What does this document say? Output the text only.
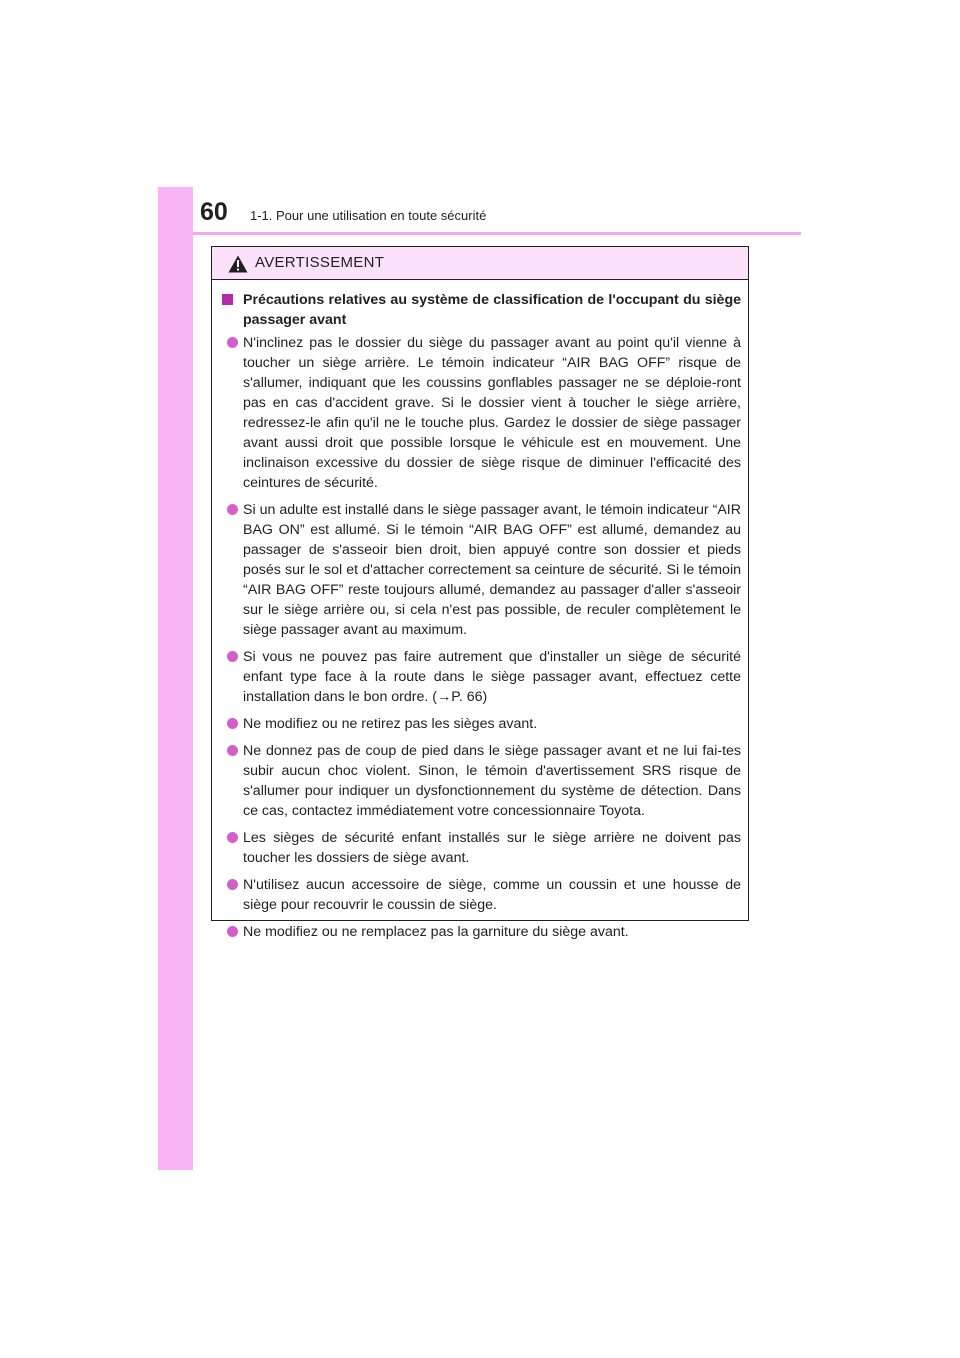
60 1-1. Pour une utilisation en toute sécurité
AVERTISSEMENT
Précautions relatives au système de classification de l'occupant du siège passager avant
N'inclinez pas le dossier du siège du passager avant au point qu'il vienne à toucher un siège arrière. Le témoin indicateur “AIR BAG OFF” risque de s'allumer, indiquant que les coussins gonflables passager ne se déploie-ront pas en cas d'accident grave. Si le dossier vient à toucher le siège arrière, redressez-le afin qu'il ne le touche plus. Gardez le dossier de siège passager avant aussi droit que possible lorsque le véhicule est en mouvement. Une inclinaison excessive du dossier de siège risque de diminuer l'efficacité des ceintures de sécurité.
Si un adulte est installé dans le siège passager avant, le témoin indicateur “AIR BAG ON” est allumé. Si le témoin “AIR BAG OFF” est allumé, demandez au passager de s'asseoir bien droit, bien appuyé contre son dossier et pieds posés sur le sol et d'attacher correctement sa ceinture de sécurité. Si le témoin “AIR BAG OFF” reste toujours allumé, demandez au passager d'aller s'asseoir sur le siège arrière ou, si cela n'est pas possible, de reculer complètement le siège passager avant au maximum.
Si vous ne pouvez pas faire autrement que d'installer un siège de sécurité enfant type face à la route dans le siège passager avant, effectuez cette installation dans le bon ordre. (→P. 66)
Ne modifiez ou ne retirez pas les sièges avant.
Ne donnez pas de coup de pied dans le siège passager avant et ne lui fai-tes subir aucun choc violent. Sinon, le témoin d'avertissement SRS risque de s'allumer pour indiquer un dysfonctionnement du système de détection. Dans ce cas, contactez immédiatement votre concessionnaire Toyota.
Les sièges de sécurité enfant installés sur le siège arrière ne doivent pas toucher les dossiers de siège avant.
N'utilisez aucun accessoire de siège, comme un coussin et une housse de siège pour recouvrir le coussin de siège.
Ne modifiez ou ne remplacez pas la garniture du siège avant.
